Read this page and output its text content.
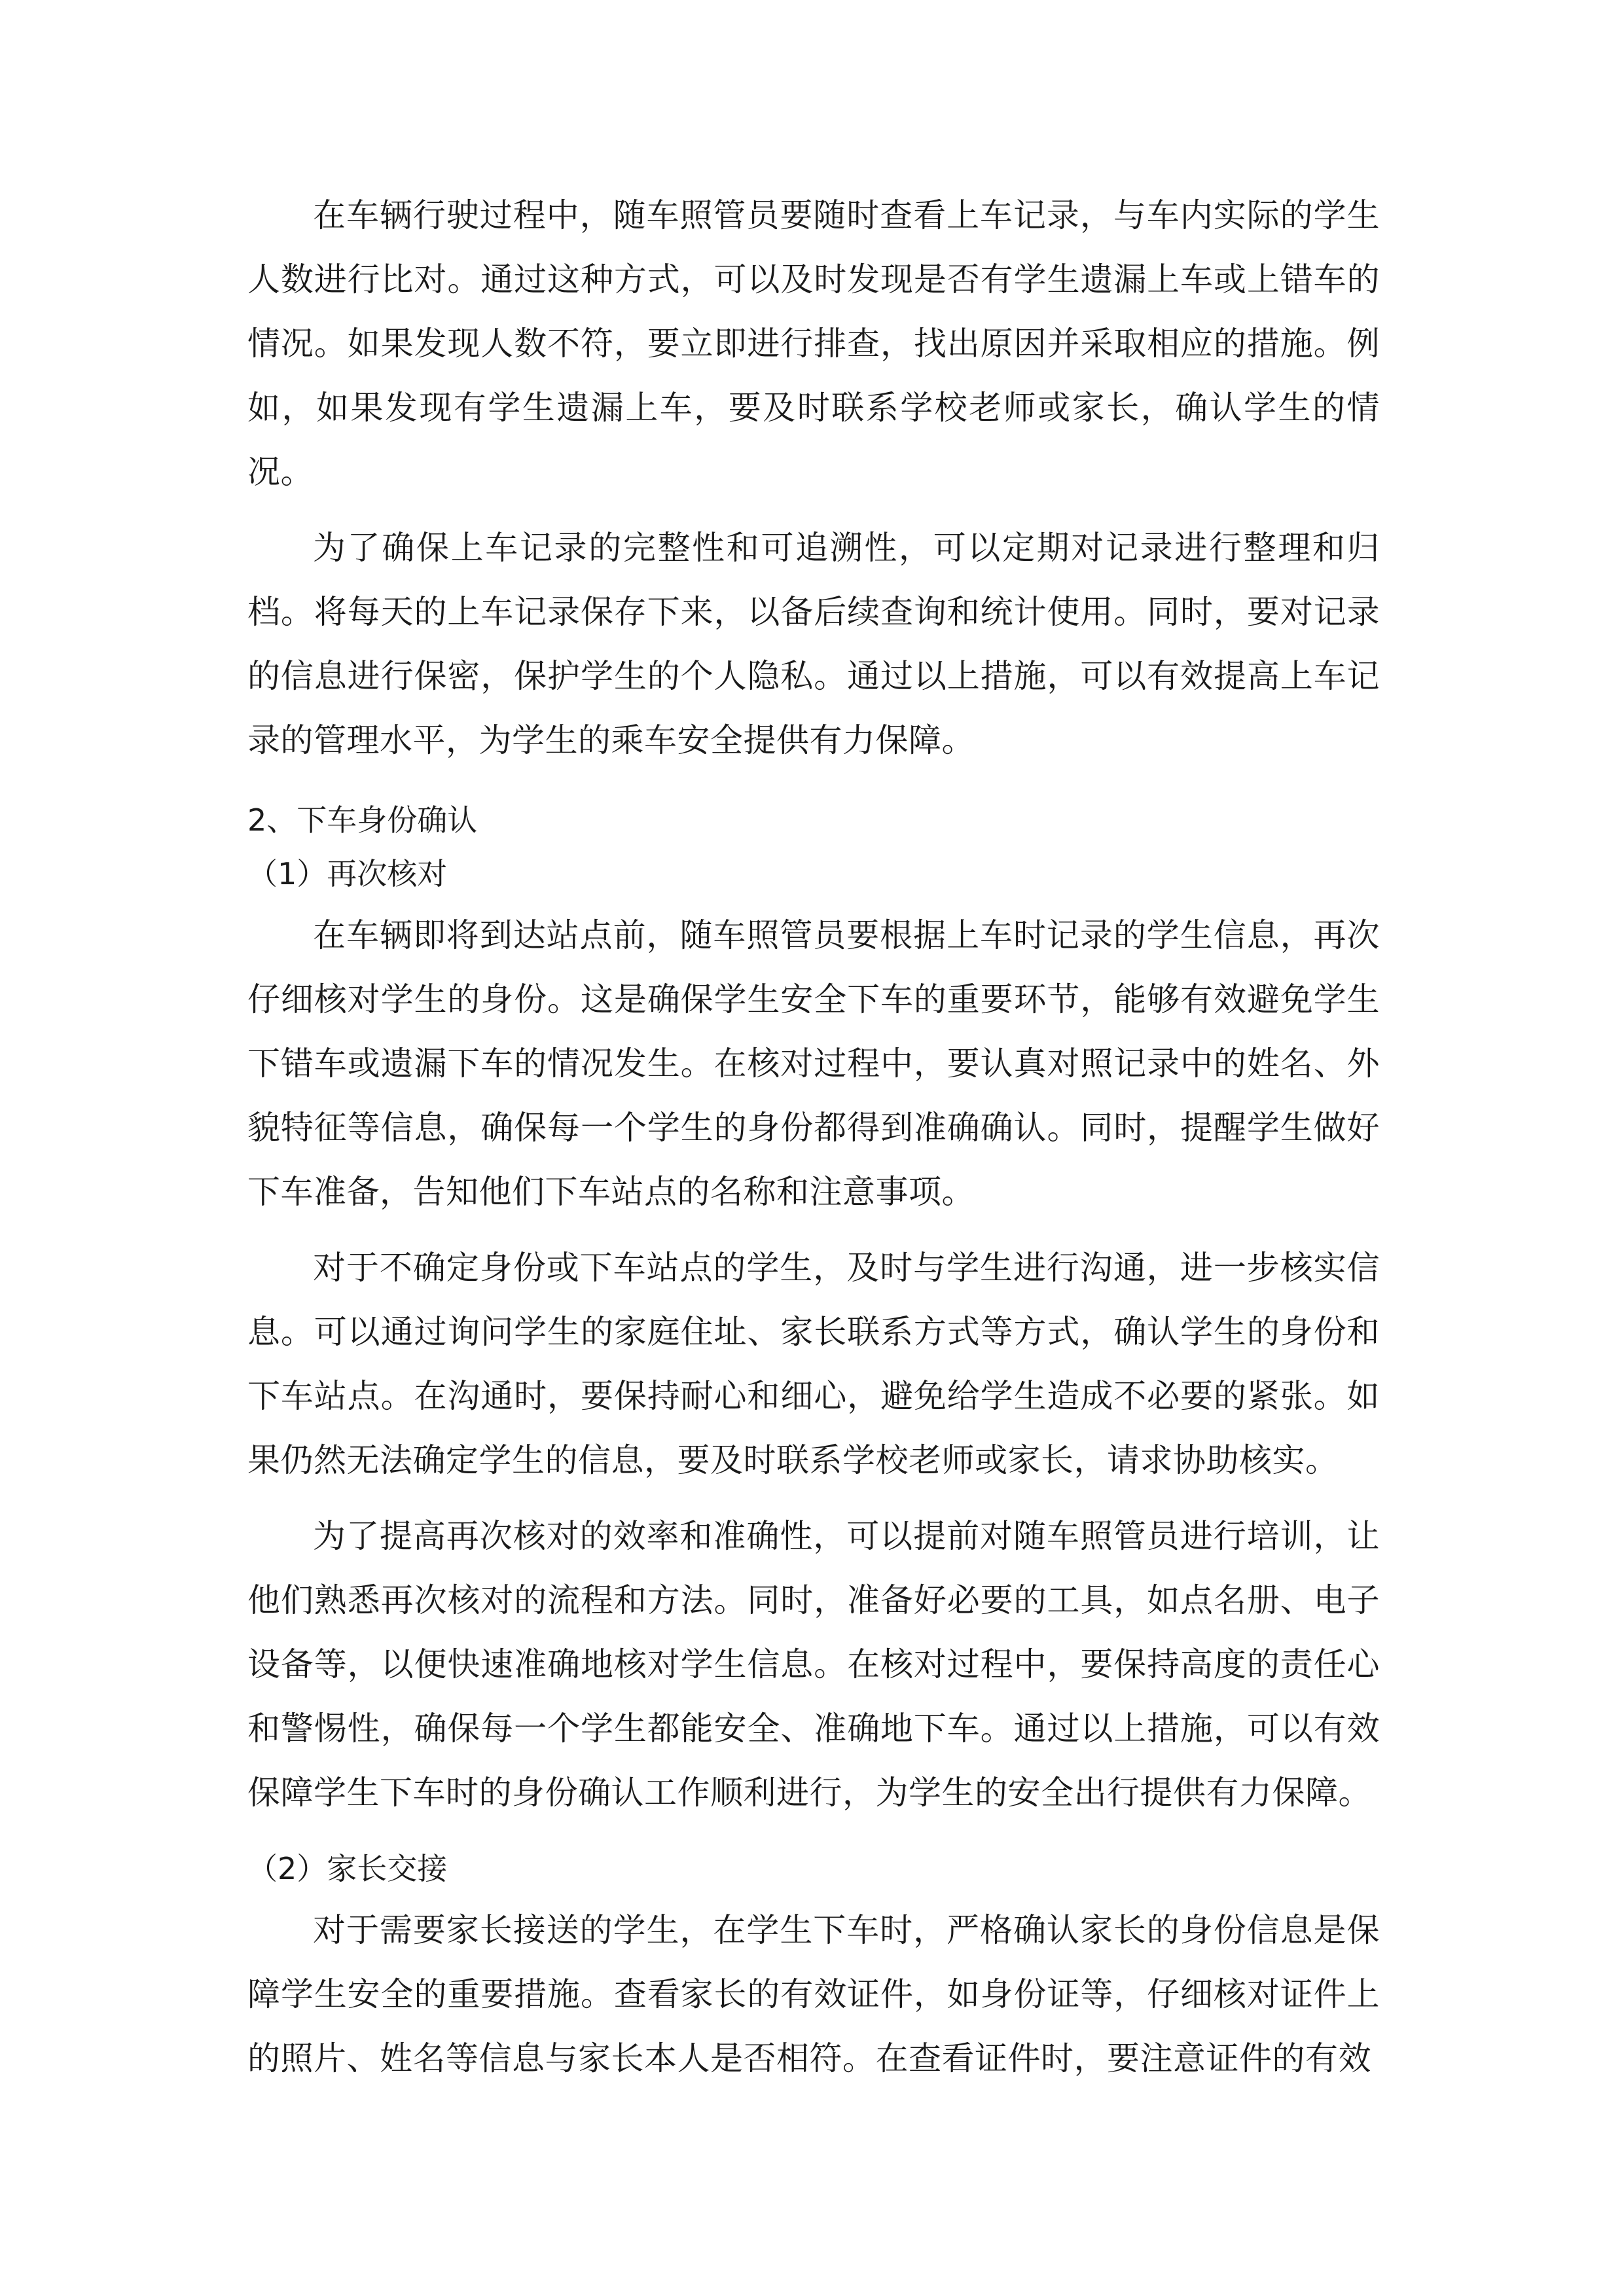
在车辆行驶过程中，随车照管员要随时查看上车记录，与车内实际的学生人数进行比对。通过这种方式，可以及时发现是否有学生遗漏上车或上错车的情况。如果发现人数不符，要立即进行排查，找出原因并采取相应的措施。例如，如果发现有学生遗漏上车，要及时联系学校老师或家长，确认学生的情况。

为了确保上车记录的完整性和可追溯性，可以定期对记录进行整理和归档。将每天的上车记录保存下来，以备后续查询和统计使用。同时，要对记录的信息进行保密，保护学生的个人隐私。通过以上措施，可以有效提高上车记录的管理水平，为学生的乘车安全提供有力保障。

2、下车身份确认

（1）再次核对

在车辆即将到达站点前，随车照管员要根据上车时记录的学生信息，再次仔细核对学生的身份。这是确保学生安全下车的重要环节，能够有效避免学生下错车或遗漏下车的情况发生。在核对过程中，要认真对照记录中的姓名、外貌特征等信息，确保每一个学生的身份都得到准确确认。同时，提醒学生做好下车准备，告知他们下车站点的名称和注意事项。

对于不确定身份或下车站点的学生，及时与学生进行沟通，进一步核实信息。可以通过询问学生的家庭住址、家长联系方式等方式，确认学生的身份和下车站点。在沟通时，要保持耐心和细心，避免给学生造成不必要的紧张。如果仍然无法确定学生的信息，要及时联系学校老师或家长，请求协助核实。

为了提高再次核对的效率和准确性，可以提前对随车照管员进行培训，让他们熟悉再次核对的流程和方法。同时，准备好必要的工具，如点名册、电子设备等，以便快速准确地核对学生信息。在核对过程中，要保持高度的责任心和警惕性，确保每一个学生都能安全、准确地下车。通过以上措施，可以有效保障学生下车时的身份确认工作顺利进行，为学生的安全出行提供有力保障。

（2）家长交接

对于需要家长接送的学生，在学生下车时，严格确认家长的身份信息是保障学生安全的重要措施。查看家长的有效证件，如身份证等，仔细核对证件上的照片、姓名等信息与家长本人是否相符。在查看证件时，要注意证件的有效
